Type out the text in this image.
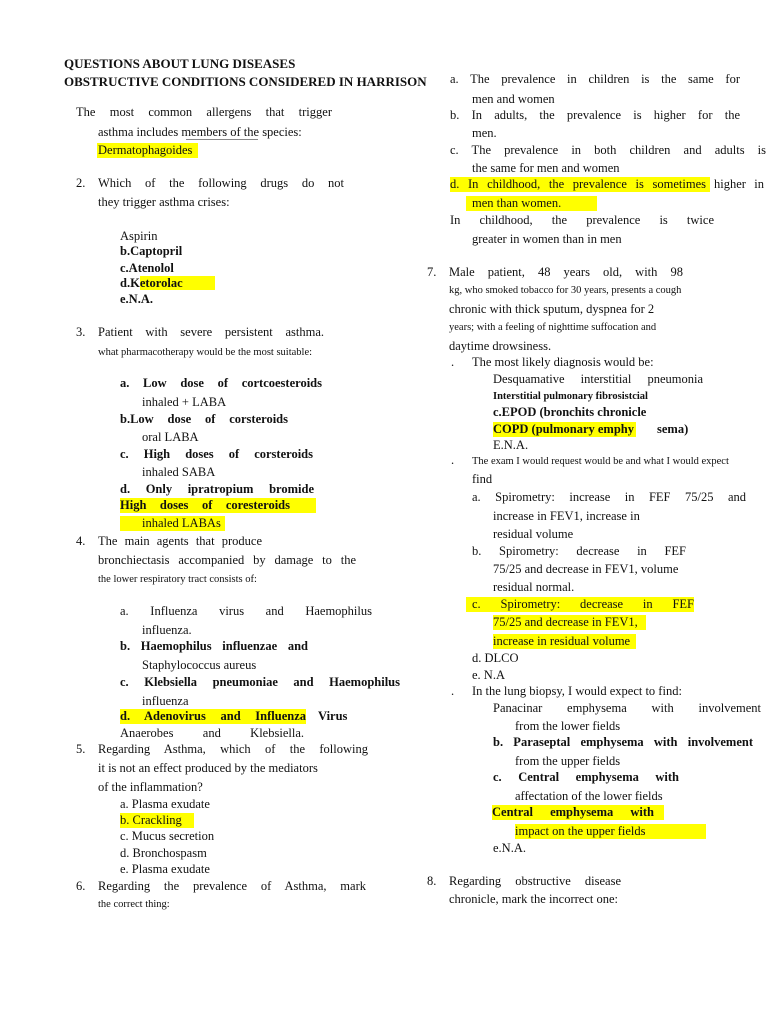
QUESTIONS ABOUT LUNG DISEASES
OBSTRUCTIVE CONDITIONS CONSIDERED IN HARRISON
The most common allergens that trigger
asthma includes members of the species:
Dermatophagoides
2. Which of the following drugs do not
they trigger asthma crises:
Aspirin
b.Captopril
c.Atenolol
d.Ketorolac
e.N.A.
3. Patient with severe persistent asthma.
what pharmacotherapy would be the most suitable:
a. Low dose of cortcoesteroids
inhaled + LABA
b.Low dose of corsteroids
oral LABA
c. High doses of corsteroids
inhaled SABA
d. Only ipratropium bromide
High doses of coresteroids
inhaled LABAs
4. The main agents that produce
bronchiectasis accompanied by damage to the
the lower respiratory tract consists of:
a. Influenza virus and Haemophilus
influenza.
b. Haemophilus influenzae and
Staphylococcus aureus
c. Klebsiella pneumoniae and Haemophilus
influenza
d. Adenovirus and Influenza Virus
Anaerobes and Klebsiella.
5. Regarding Asthma, which of the following
it is not an effect produced by the mediators
of the inflammation?
a. Plasma exudate
b. Crackling
c. Mucus secretion
d. Bronchospasm
e. Plasma exudate
6. Regarding the prevalence of Asthma, mark
the correct thing:
a. The prevalence in children is the same for
men and women
b. In adults, the prevalence is higher for the
men.
c. The prevalence in both children and adults is
the same for men and women
d. In childhood, the prevalence is sometimes higher in
men than women.
In childhood, the prevalence is twice
greater in women than in men
7. Male patient, 48 years old, with 98
kg, who smoked tobacco for 30 years, presents a cough
chronic with thick sputum, dyspnea for 2
years; with a feeling of nighttime suffocation and
daytime drowsiness.
. The most likely diagnosis would be:
Desquamative interstitial pneumonia
Interstitial pulmonary fibrosistcial
c.EPOD (bronchits chronicle
COPD (pulmonary emphy sema)
E.N.A.
. The exam I would request would be and what I would expect
find
a. Spirometry: increase in FEF 75/25 and
increase in FEV1, increase in
residual volume
b. Spirometry: decrease in FEF
75/25 and decrease in FEV1, volume
residual normal.
c. Spirometry: decrease in FEF
75/25 and decrease in FEV1,
increase in residual volume
d. DLCO
e. N.A
. In the lung biopsy, I would expect to find:
Panacinar emphysema with involvement
from the lower fields
b. Paraseptal emphysema with involvement
from the upper fields
c. Central emphysema with
affectation of the lower fields
Central emphysema with
impact on the upper fields
e.N.A.
8. Regarding obstructive disease
chronicle, mark the incorrect one:
